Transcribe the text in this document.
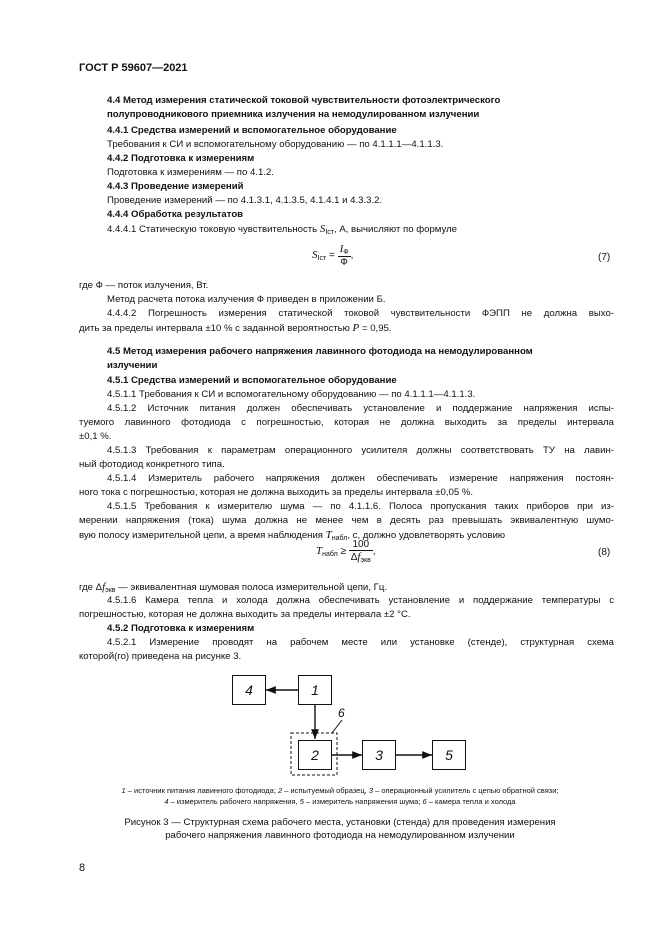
ГОСТ Р 59607—2021
4.4 Метод измерения статической токовой чувствительности фотоэлектрического
полупроводникового приемника излучения на немодулированном излучении
4.4.1 Средства измерений и вспомогательное оборудование
Требования к СИ и вспомогательному оборудованию — по 4.1.1.1—4.1.1.3.
4.4.2 Подготовка к измерениям
Подготовка к измерениям — по 4.1.2.
4.4.3 Проведение измерений
Проведение измерений — по 4.1.3.1, 4.1.3.5, 4.1.4.1 и 4.3.3.2.
4.4.4 Обработка результатов
4.4.4.1 Статическую токовую чувствительность $S_{Icт}$, А, вычисляют по формуле
$S_{Icт} = \frac{I_Ф}{Ф}$ ,	(7)
где Ф — поток излучения, Вт.
Метод расчета потока излучения Ф приведен в приложении Б.
4.4.4.2 Погрешность измерения статической токовой чувствительности ФЭПП не должна выхо-
дить за пределы интервала ±10 % с заданной вероятностью P = 0,95.
4.5 Метод измерения рабочего напряжения лавинного фотодиода на немодулированном
излучении
4.5.1 Средства измерений и вспомогательное оборудование
4.5.1.1 Требования к СИ и вспомогательному оборудованию — по 4.1.1.1—4.1.1.3.
4.5.1.2 Источник питания должен обеспечивать установление и поддержание напряжения испы-
туемого лавинного фотодиода с погрешностью, которая не должна выходить за пределы интервала
±0,1 %.
4.5.1.3 Требования к параметрам операционного усилителя должны соответствовать ТУ на лавин-
ный фотодиод конкретного типа.
4.5.1.4 Измеритель рабочего напряжения должен обеспечивать измерение напряжения постоян-
ного тока с погрешностью, которая не должна выходить за пределы интервала ±0,05 %.
4.5.1.5 Требования к измерителю шума — по 4.1.1.6. Полоса пропускания таких приборов при из-
мерении напряжения (тока) шума должна не менее чем в десять раз превышать эквивалентную шумо-
вую полосу измерительной цепи, а время наблюдения $T_{набл}$, с, должно удовлетворять условию
$T_{набл} \ge \frac{100}{\Delta f_{экв}}$ ,	(8)
где $\Delta f_{экв}$ — эквивалентная шумовая полоса измерительной цепи, Гц.
4.5.1.6 Камера тепла и холода должна обеспечивать установление и поддержание температуры с
погрешностью, которая не должна выходить за пределы интервала ±2 °С.
4.5.2 Подготовка к измерениям
4.5.2.1 Измерение проводят на рабочем месте или установке (стенде), структурная схема
которой(го) приведена на рисунке 3.
4	1
2	3	5
6
1 – источник питания лавинного фотодиода; 2 – испытуемый образец, 3 – операционный усилитель с цепью обратной связи;
4 – измеритель рабочего напряжения, 5 – измеритель напряжения шума; 6 – камера тепла и холода
Рисунок 3 — Структурная схема рабочего места, установки (стенда) для проведения измерения
рабочего напряжения лавинного фотодиода на немодулированном излучении
8
